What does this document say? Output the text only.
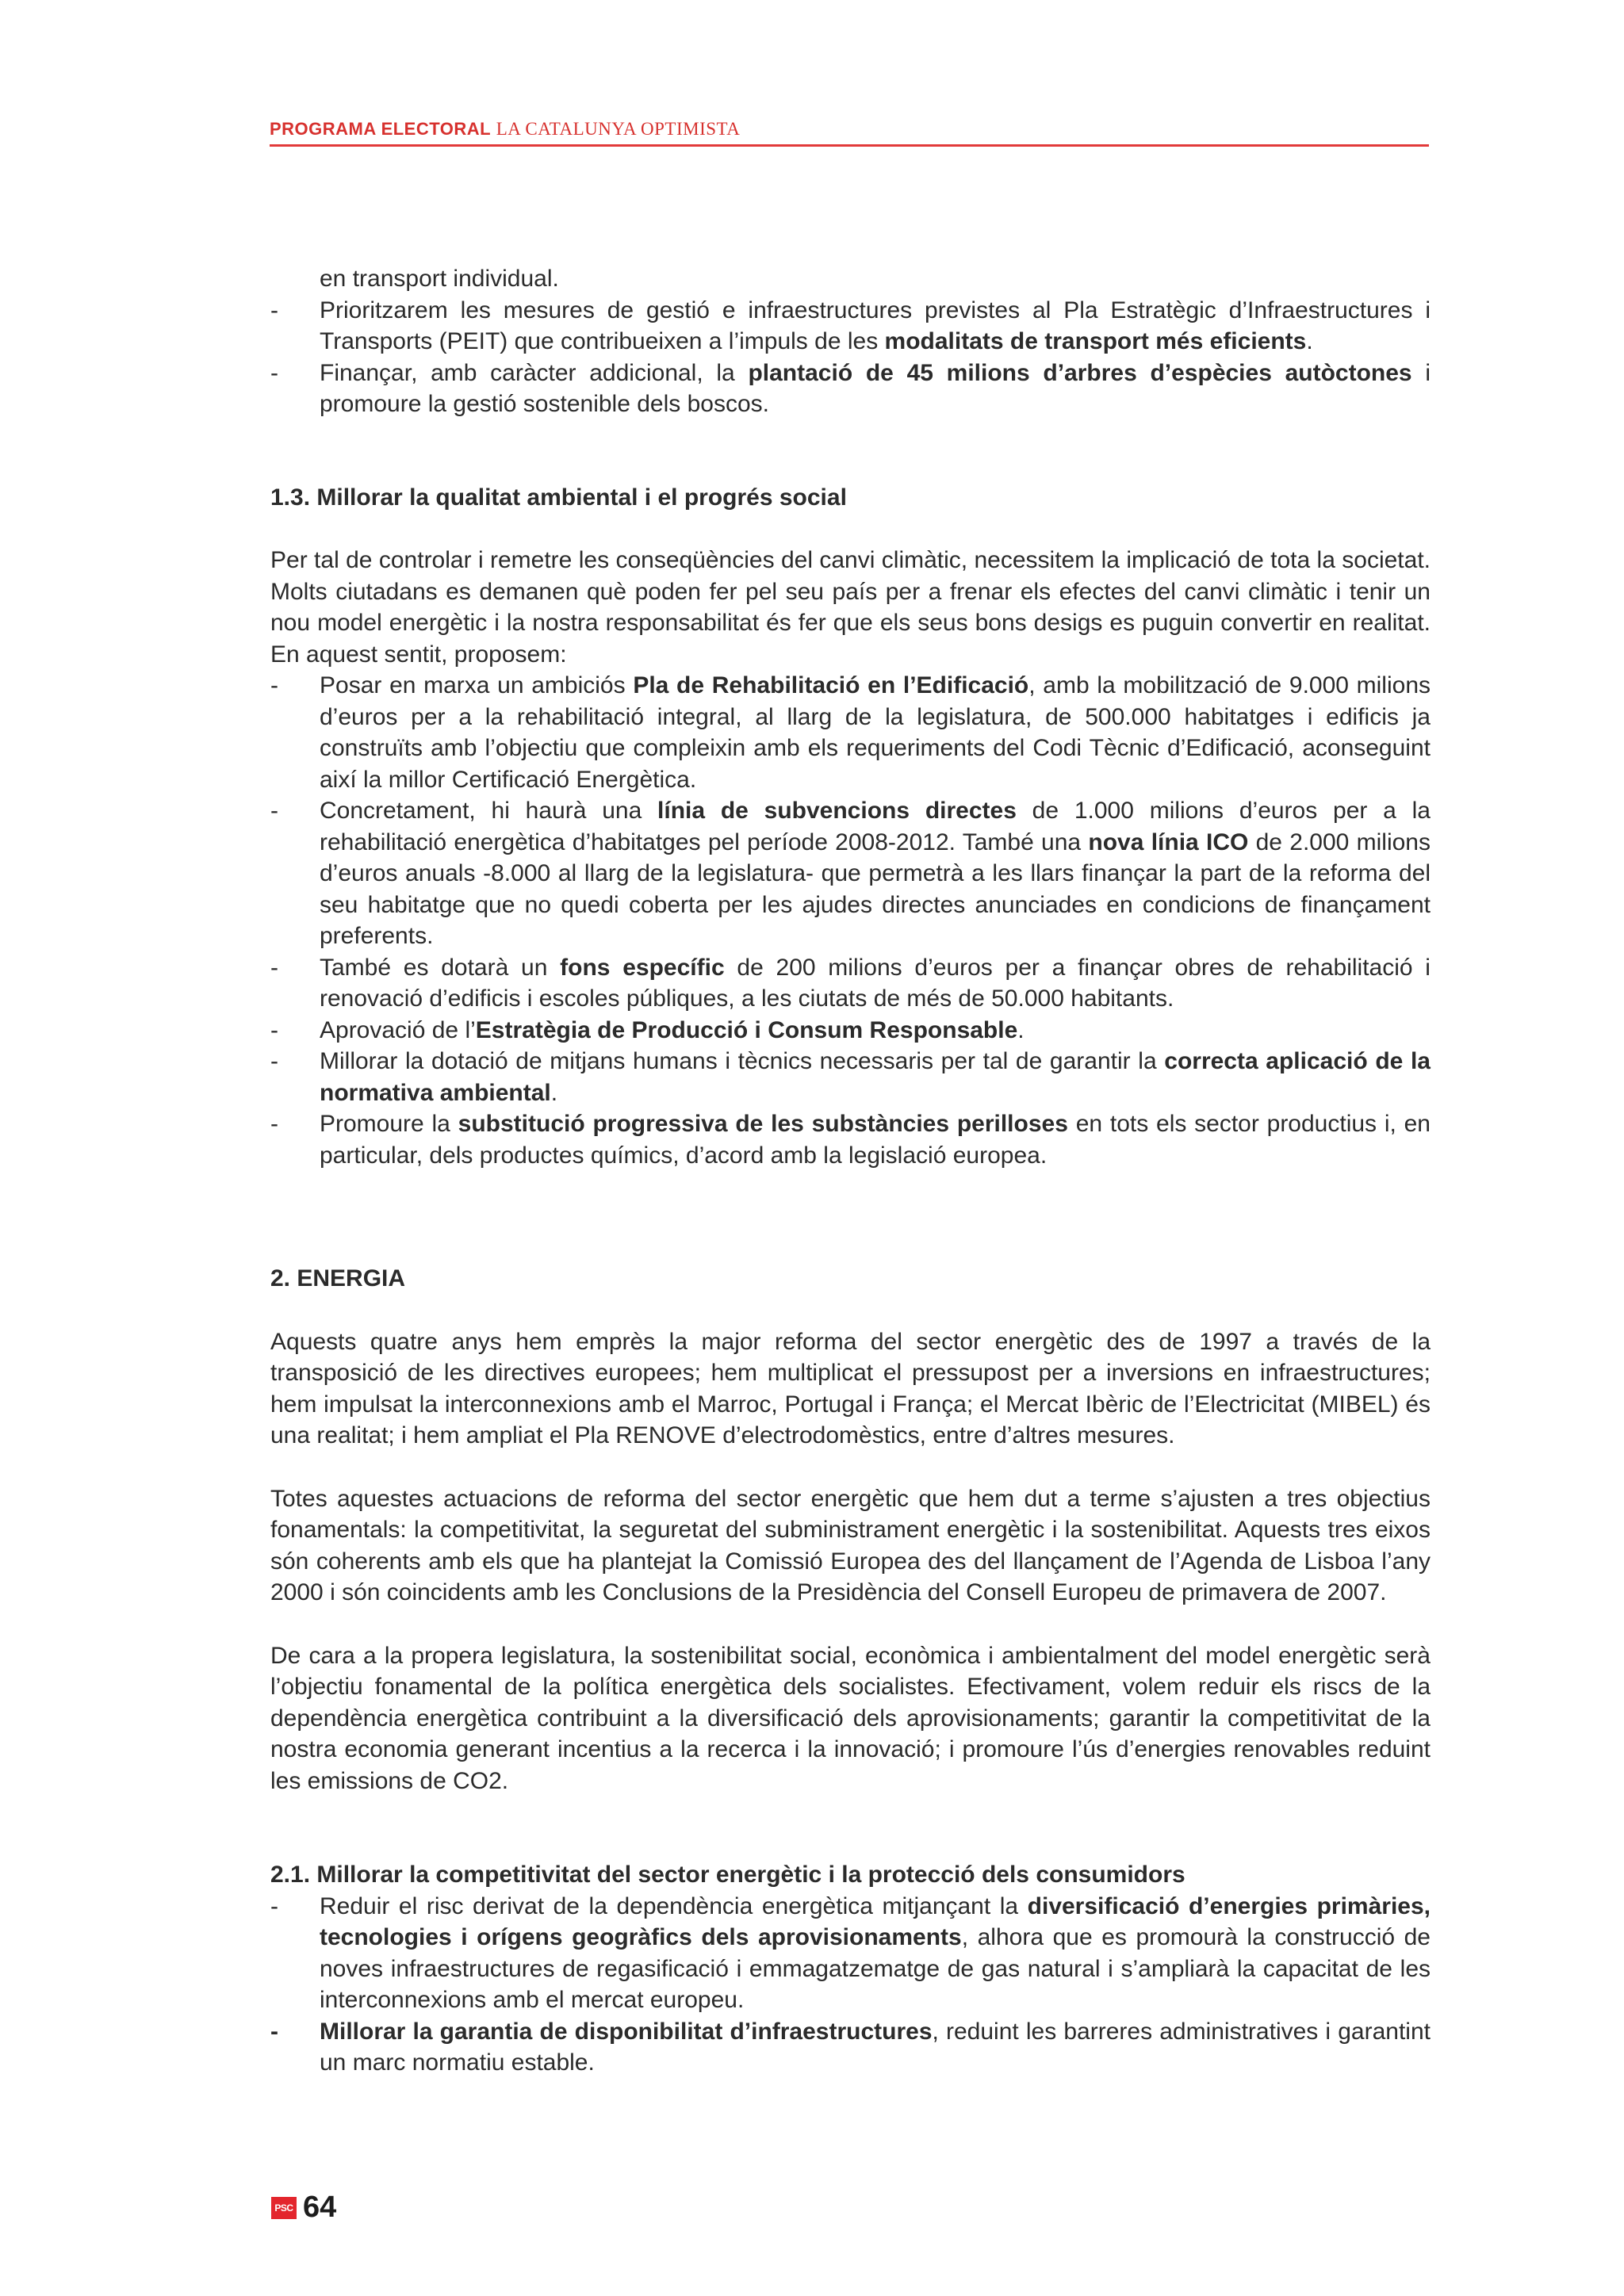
PROGRAMA ELECTORAL LA CATALUNYA OPTIMISTA
en transport individual.
- Prioritzarem les mesures de gestió e infraestructures previstes al Pla Estratègic d’Infraestructures i Transports (PEIT) que contribueixen a l’impuls de les modalitats de transport més eficients.
- Finançar, amb caràcter addicional, la plantació de 45 milions d’arbres d’espècies autòctones i promoure la gestió sostenible dels boscos.
1.3. Millorar la qualitat ambiental i el progrés social
Per tal de controlar i remetre les conseqüències del canvi climàtic, necessitem la implicació de tota la societat. Molts ciutadans es demanen què poden fer pel seu país per a frenar els efectes del canvi climàtic i tenir un nou model energètic i la nostra responsabilitat és fer que els seus bons desigs es puguin convertir en realitat. En aquest sentit, proposem:
- Posar en marxa un ambiciós Pla de Rehabilitació en l’Edificació, amb la mobilització de 9.000 milions d’euros per a la rehabilitació integral, al llarg de la legislatura, de 500.000 habitatges i edificis ja construïts amb l’objectiu que compleixin amb els requeriments del Codi Tècnic d’Edificació, aconseguint així la millor Certificació Energètica.
- Concretament, hi haurà una línia de subvencions directes de 1.000 milions d’euros per a la rehabilitació energètica d’habitatges pel període 2008-2012. També una nova línia ICO de 2.000 milions d’euros anuals -8.000 al llarg de la legislatura- que permetrà a les llars finançar la part de la reforma del seu habitatge que no quedi coberta per les ajudes directes anunciades en condicions de finançament preferents.
- També es dotarà un fons específic de 200 milions d’euros per a finançar obres de rehabilitació i renovació d’edificis i escoles públiques, a les ciutats de més de 50.000 habitants.
- Aprovació de l’Estratègia de Producció i Consum Responsable.
- Millorar la dotació de mitjans humans i tècnics necessaris per tal de garantir la correcta aplicació de la normativa ambiental.
- Promoure la substitució progressiva de les substàncies perilloses en tots els sector productius i, en particular, dels productes químics, d’acord amb la legislació europea.
2. ENERGIA
Aquests quatre anys hem emprès la major reforma del sector energètic des de 1997 a través de la transposició de les directives europees; hem multiplicat el pressupost per a inversions en infraestructures; hem impulsat la interconnexions amb el Marroc, Portugal i França; el Mercat Ibèric de l’Electricitat (MIBEL) és una realitat; i hem ampliat el Pla RENOVE d’electrodomèstics, entre d’altres mesures.
Totes aquestes actuacions de reforma del sector energètic que hem dut a terme s’ajusten a tres objectius fonamentals: la competitivitat, la seguretat del subministrament energètic i la sostenibilitat. Aquests tres eixos són coherents amb els que ha plantejat la Comissió Europea des del llançament de l’Agenda de Lisboa l’any 2000 i són coincidents amb les Conclusions de la Presidència del Consell Europeu de primavera de 2007.
De cara a la propera legislatura, la sostenibilitat social, econòmica i ambientalment del model energètic serà l’objectiu fonamental de la política energètica dels socialistes. Efectivament, volem reduir els riscs de la dependència energètica contribuint a la diversificació dels aprovisionaments; garantir la competitivitat de la nostra economia generant incentius a la recerca i la innovació; i promoure l’ús d’energies renovables reduint les emissions de CO2.
2.1. Millorar la competitivitat del sector energètic i la protecció dels consumidors
- Reduir el risc derivat de la dependència energètica mitjançant la diversificació d’energies primàries, tecnologies i orígens geogràfics dels aprovisionaments, alhora que es promourà la construcció de noves infraestructures de regasificació i emmagatzematge de gas natural i s’ampliarà la capacitat de les interconnexions amb el mercat europeu.
- Millorar la garantia de disponibilitat d’infraestructures, reduint les barreres administratives i garantint un marc normatiu estable.
PSC 64
